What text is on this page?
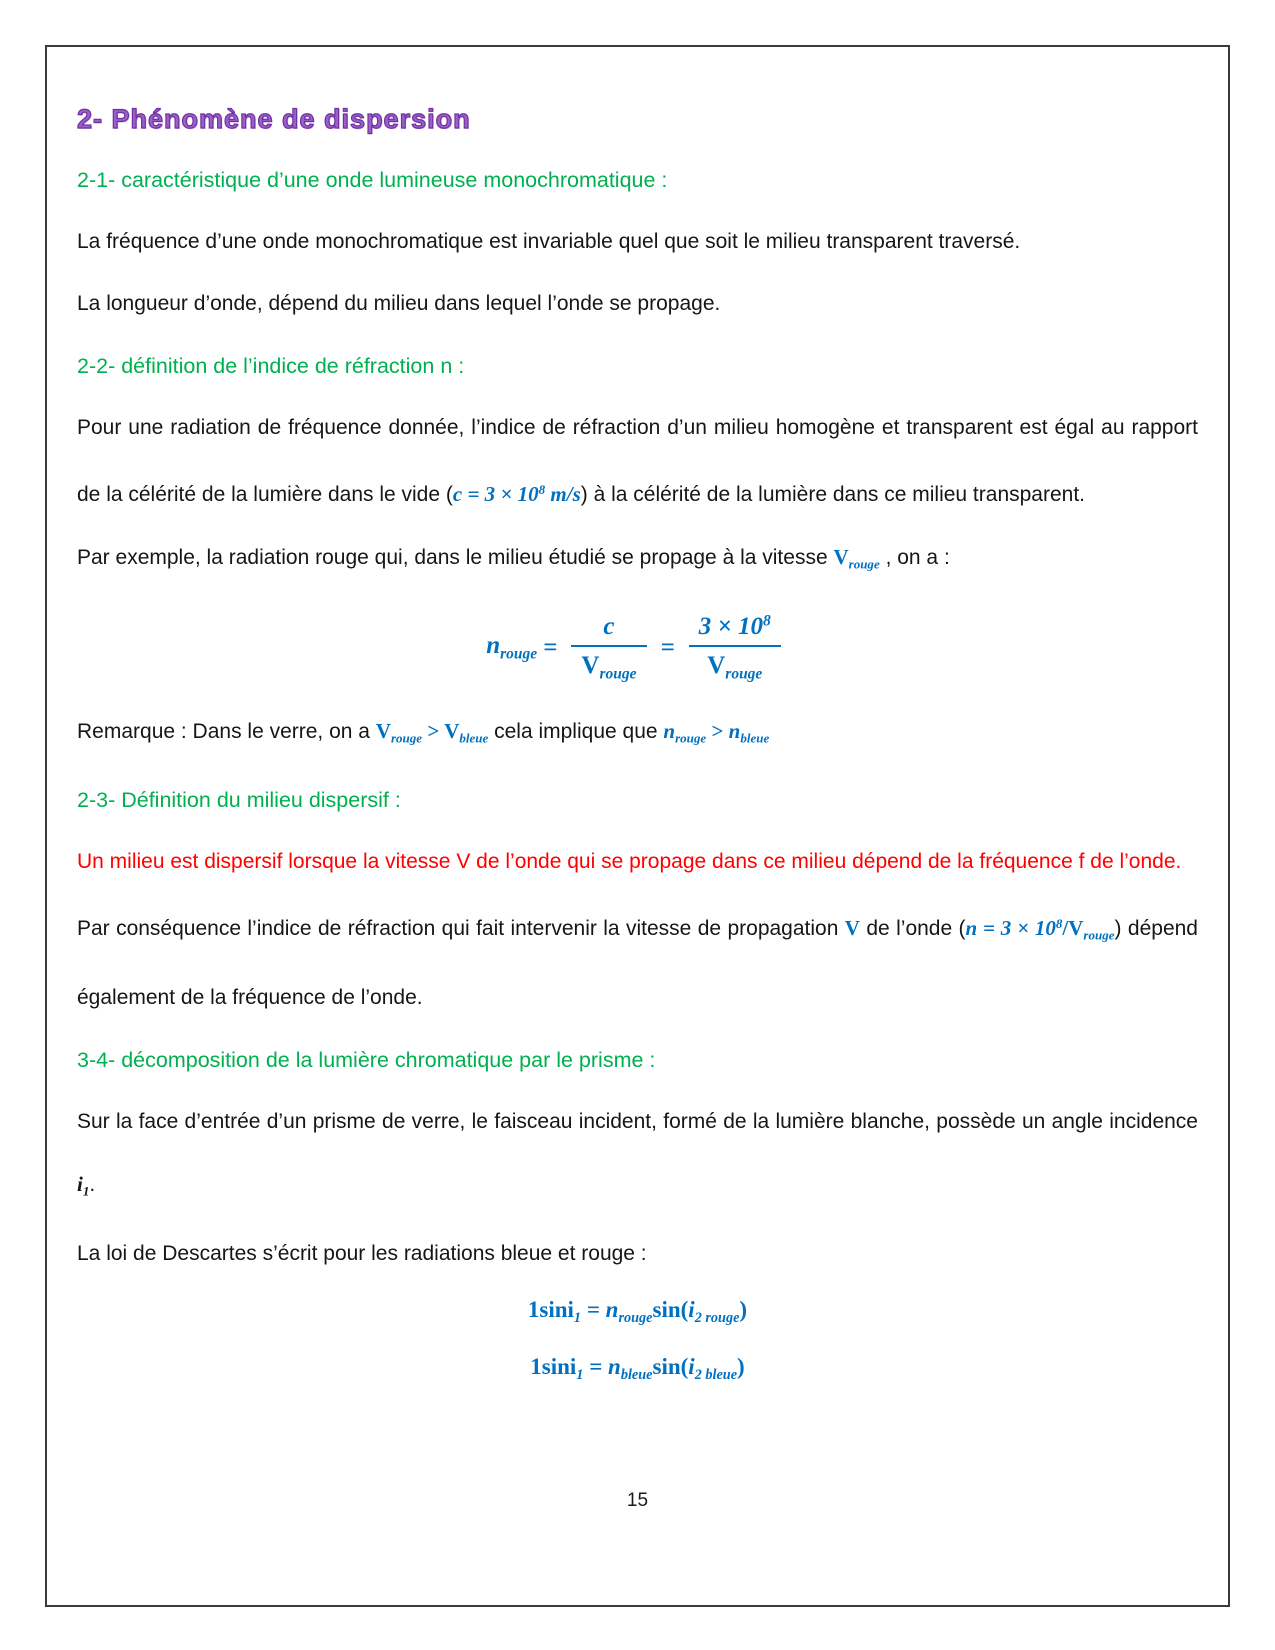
2- Phénomène de dispersion
2-1- caractéristique d’une onde lumineuse monochromatique :

La fréquence d’une onde monochromatique est invariable quel que soit le milieu transparent traversé.

La longueur d’onde, dépend du milieu dans lequel l’onde se propage.

2-2- définition de l’indice de réfraction n :

Pour une radiation de fréquence donnée, l’indice de réfraction d’un milieu homogène et transparent est égal au rapport de la célérité de la lumière dans le vide ($c = 3 \times 10^8$ m/s) à la célérité de la lumière dans ce milieu transparent.

Par exemple, la radiation rouge qui, dans le milieu étudié se propage à la vitesse $V_{rouge}$ , on a :

$n_{rouge} = \frac{c}{V_{rouge}} = \frac{3 \times 10^8}{V_{rouge}}$

Remarque : Dans le verre, on a $V_{rouge} > V_{bleue}$ cela implique que $n_{rouge} > n_{bleue}$

2-3- Définition du milieu dispersif :

Un milieu est dispersif lorsque la vitesse V de l’onde qui se propage dans ce milieu dépend de la fréquence f de l’onde.

Par conséquence l’indice de réfraction qui fait intervenir la vitesse de propagation V de l’onde $(n = 3 \times 10^8/V_{rouge})$ dépend également de la fréquence de l’onde.

3-4- décomposition de la lumière chromatique par le prisme :

Sur la face d’entrée d’un prisme de verre, le faisceau incident, formé de la lumière blanche, possède un angle incidence $i_1$.

La loi de Descartes s’écrit pour les radiations bleue et rouge :

$1\sin i_1 = n_{rouge}\sin(i_{2 rouge})$
$1\sin i_1 = n_{bleue}\sin(i_{2 bleue})$
15
